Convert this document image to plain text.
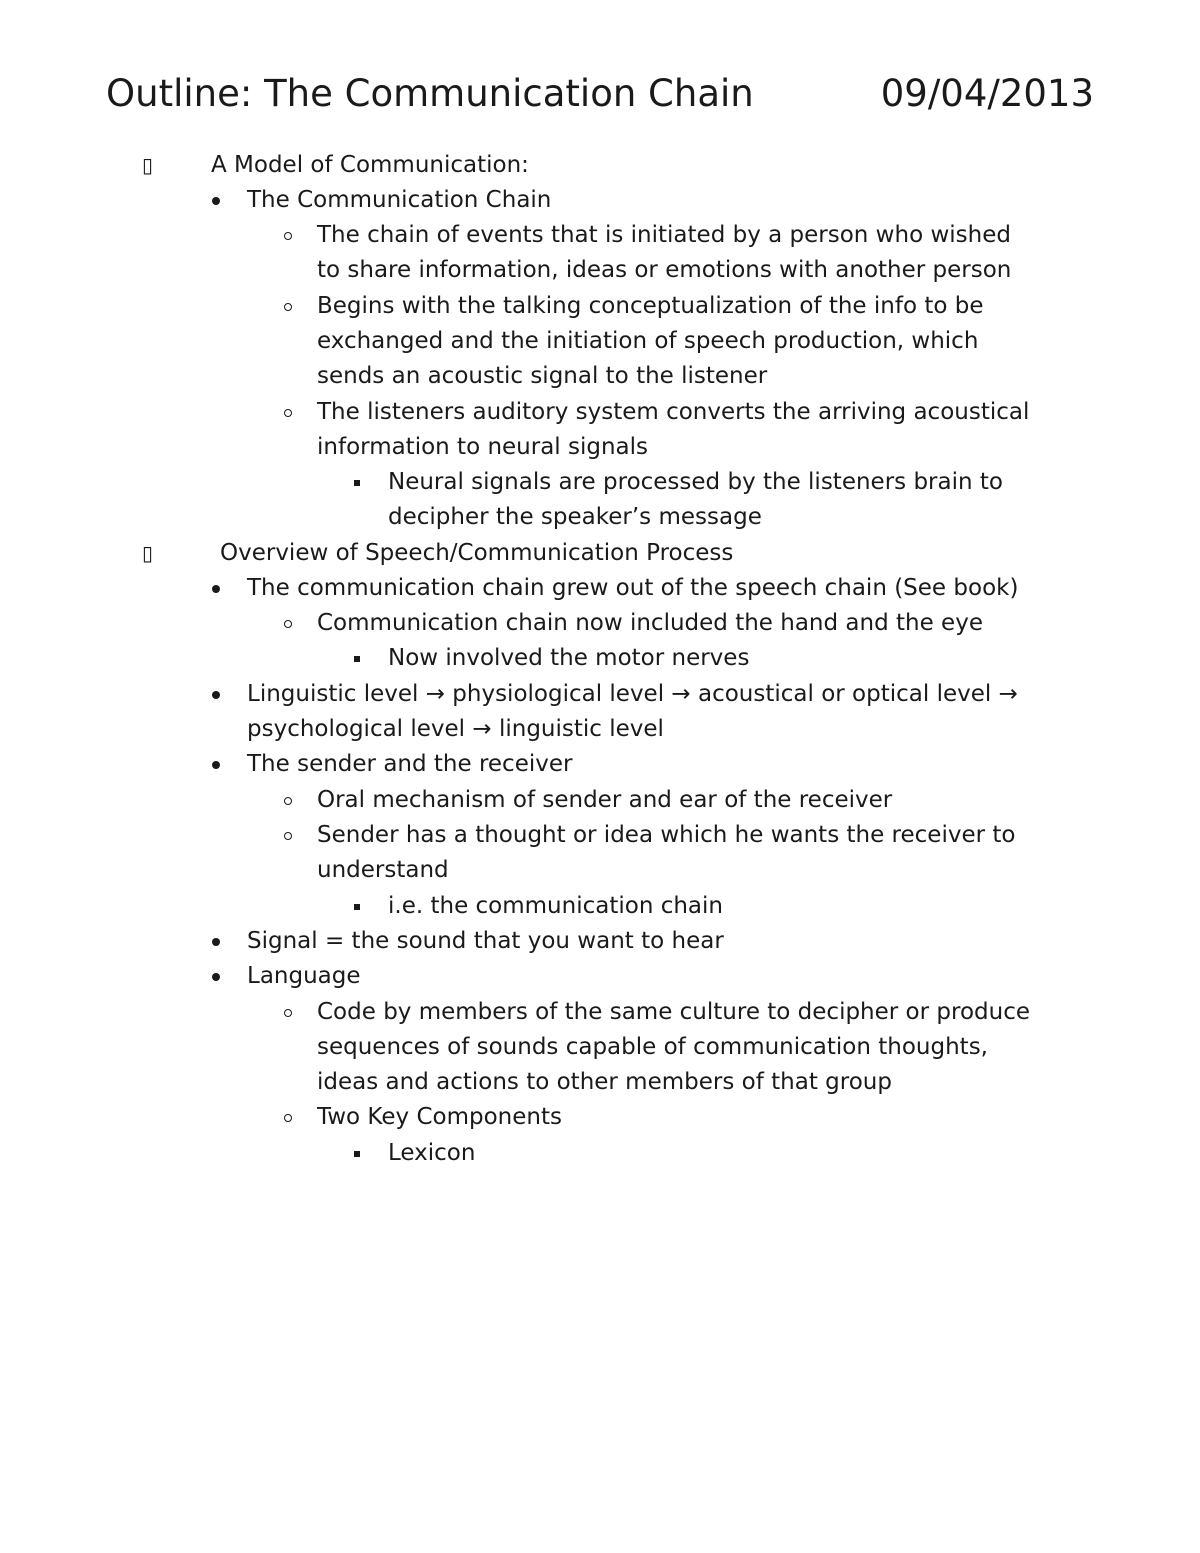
Outline: The Communication Chain	09/04/2013
▯
▯
A Model of Communication:
The Communication Chain
The chain of events that is initiated by a person who wished
to share information, ideas or emotions with another person
Begins with the talking conceptualization of the info to be
exchanged and the initiation of speech production, which
sends an acoustic signal to the listener
The listeners auditory system converts the arriving acoustical
information to neural signals
Neural signals are processed by the listeners brain to
decipher the speaker’s message
Overview of Speech/Communication Process
The communication chain grew out of the speech chain (See book)
Communication chain now included the hand and the eye
Now involved the motor nerves
Linguistic level → physiological level → acoustical or optical level →
psychological level → linguistic level
The sender and the receiver
Oral mechanism of sender and ear of the receiver
Sender has a thought or idea which he wants the receiver to
understand
i.e. the communication chain
Signal = the sound that you want to hear
Language
Code by members of the same culture to decipher or produce
sequences of sounds capable of communication thoughts,
ideas and actions to other members of that group
Two Key Components
Lexicon
